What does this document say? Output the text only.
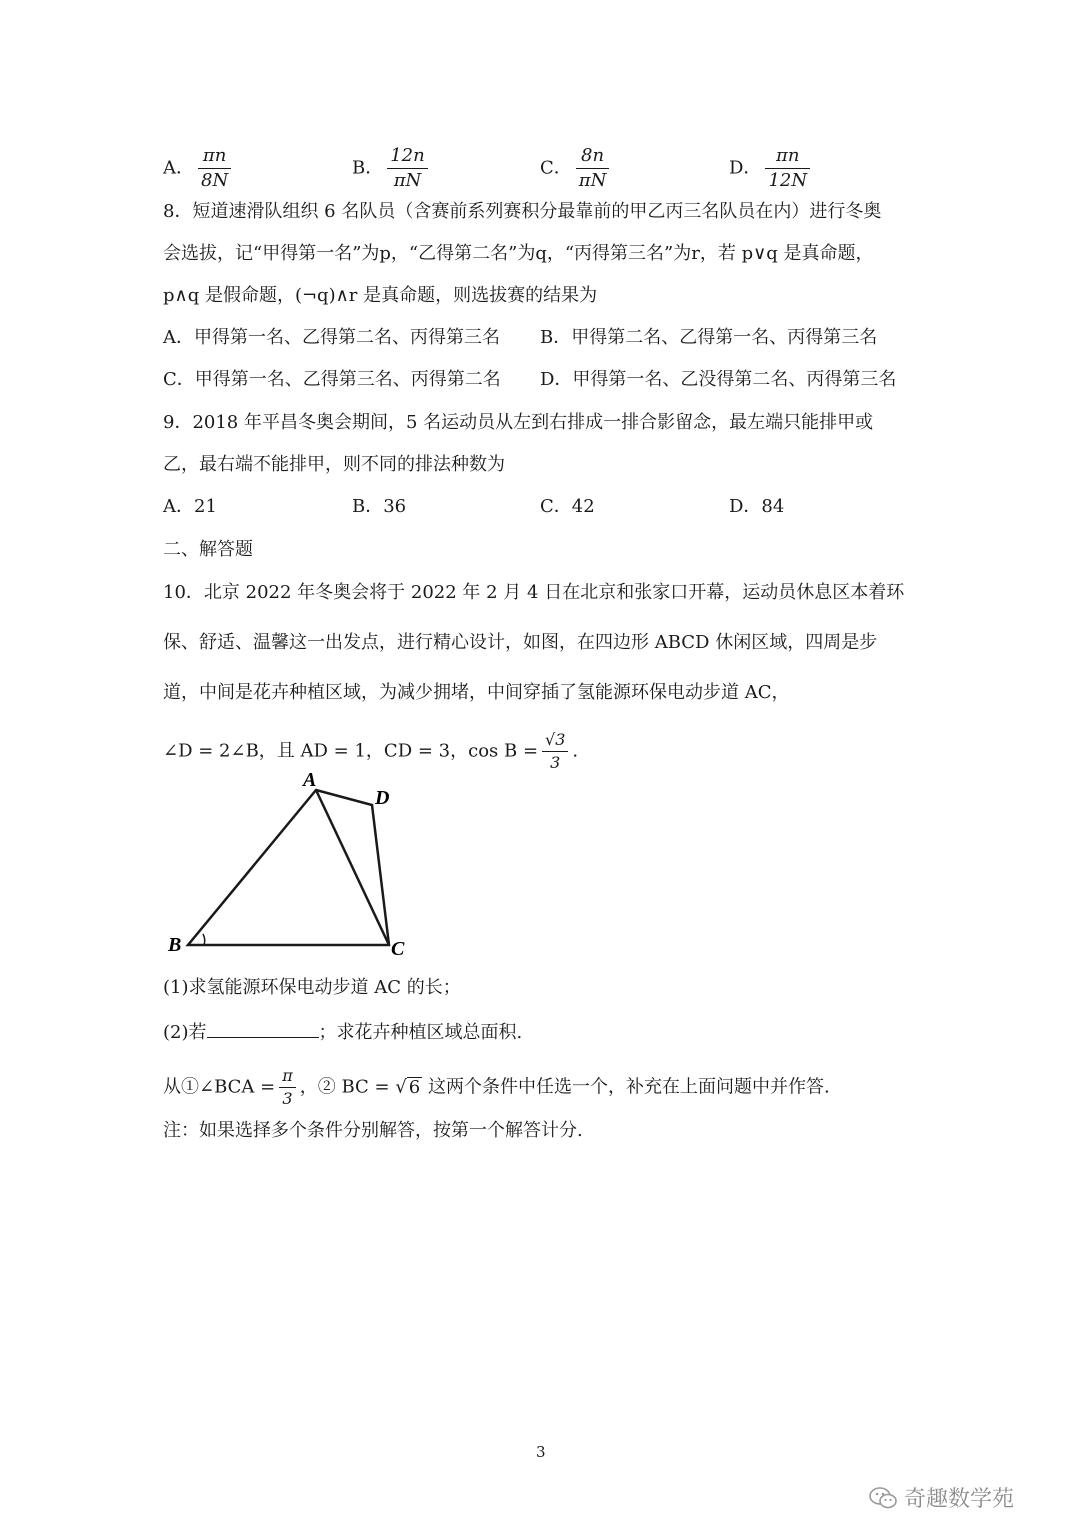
A． $\frac{\pi n}{8N}$	B． $\frac{12n}{\pi N}$	C． $\frac{8n}{\pi N}$	D． $\frac{\pi n}{12N}$
8．短道速滑队组织 6 名队员（含赛前系列赛积分最靠前的甲乙丙三名队员在内）进行冬奥
会选拔，记“甲得第一名”为p，“乙得第二名”为q，“丙得第三名”为r，若 p∨q 是真命题，
p∧q 是假命题，(¬q)∧r 是真命题，则选拔赛的结果为
A．甲得第一名、乙得第二名、丙得第三名 B．甲得第二名、乙得第一名、丙得第三名
C．甲得第一名、乙得第三名、丙得第二名 D．甲得第一名、乙没得第二名、丙得第三名
9．2018 年平昌冬奥会期间，5 名运动员从左到右排成一排合影留念，最左端只能排甲或
乙，最右端不能排甲，则不同的排法种数为
A．21	B．36	C．42	D．84
二、解答题
10．北京 2022 年冬奥会将于 2022 年 2 月 4 日在北京和张家口开幕，运动员休息区本着环
保、舒适、温馨这一出发点，进行精心设计，如图，在四边形 ABCD 休闲区域，四周是步
道，中间是花卉种植区域，为减少拥堵，中间穿插了氢能源环保电动步道 AC，
∠D = 2∠B，且 AD = 1，CD = 3，$\cos B = \frac{√3}{3}$ .
A
D
B	C
(1)求氢能源环保电动步道 AC 的长；
(2)若	；求花卉种植区域总面积.
从①∠BCA = $\frac{\pi}{3}$ ，② BC = √ 6 这两个条件中任选一个，补充在上面问题中并作答.
注：如果选择多个条件分别解答，按第一个解答计分.
3
奇趣数学苑
